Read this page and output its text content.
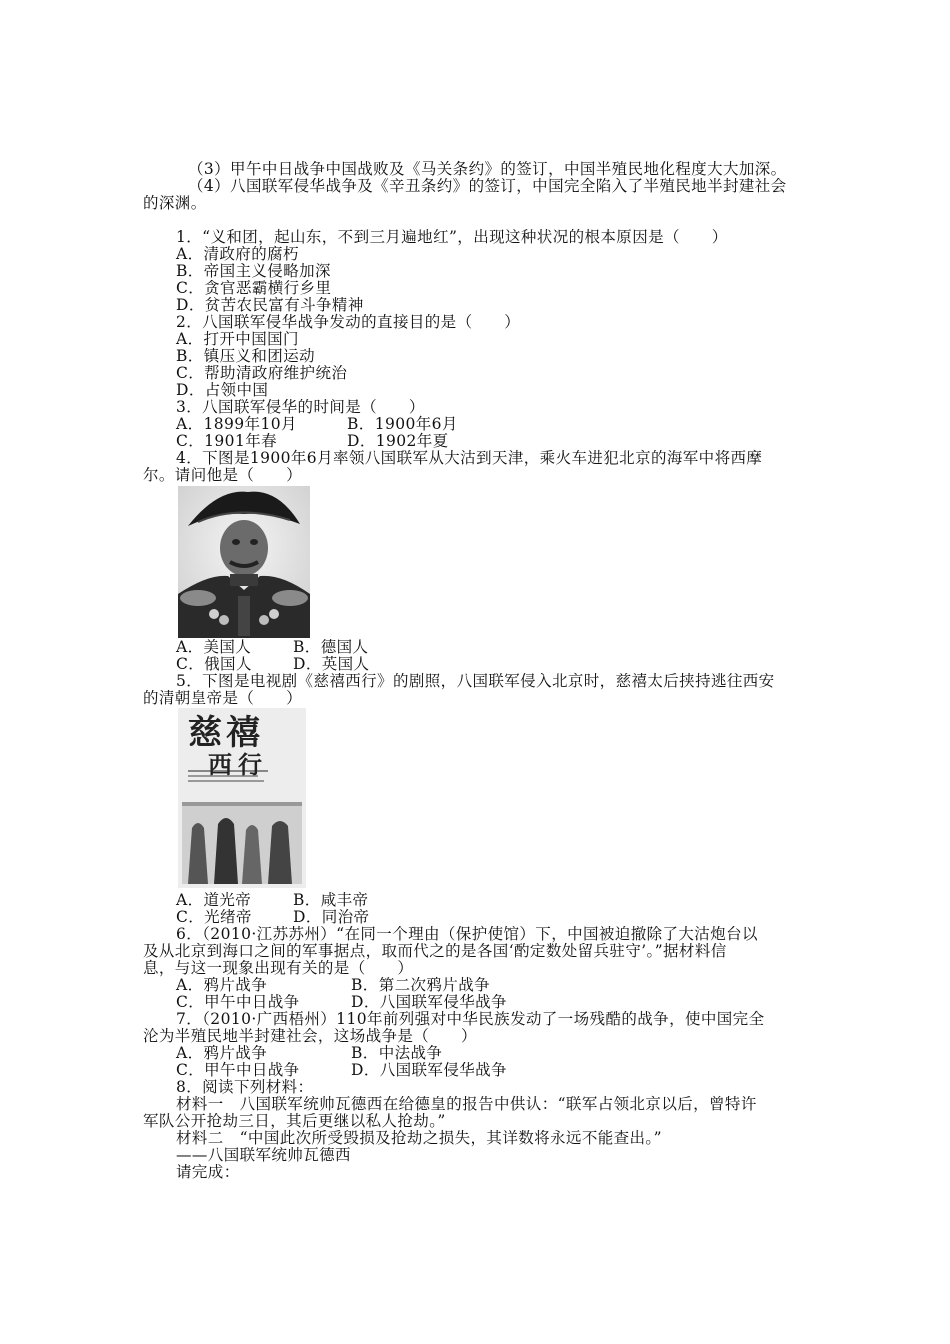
（3）甲午中日战争中国战败及《马关条约》的签订，中国半殖民地化程度大大加深。
（4）八国联军侵华战争及《辛丑条约》的签订，中国完全陷入了半殖民地半封建社会
的深渊。
1．“义和团，起山东，不到三月遍地红”，出现这种状况的根本原因是（　　）
A．清政府的腐朽
B．帝国主义侵略加深
C．贪官恶霸横行乡里
D．贫苦农民富有斗争精神
2．八国联军侵华战争发动的直接目的是（　　）
A．打开中国国门
B．镇压义和团运动
C．帮助清政府维护统治
D．占领中国
3．八国联军侵华的时间是（　　）
A．1899年10月	B．1900年6月
C．1901年春	D．1902年夏
4．下图是1900年6月率领八国联军从大沽到天津，乘火车进犯北京的海军中将西摩
尔。请问他是（　　）
A．美国人	B．德国人
C．俄国人	D．英国人
5．下图是电视剧《慈禧西行》的剧照，八国联军侵入北京时，慈禧太后挟持逃往西安
的清朝皇帝是（　　）
慈禧
西行
A．道光帝	B．咸丰帝
C．光绪帝	D．同治帝
6．（2010·江苏苏州）“在同一个理由（保护使馆）下，中国被迫撤除了大沽炮台以
及从北京到海口之间的军事据点，取而代之的是各国‘酌定数处留兵驻守’。”据材料信
息，与这一现象出现有关的是（　　）
A．鸦片战争	B．第二次鸦片战争
C．甲午中日战争	D．八国联军侵华战争
7．（2010·广西梧州）110年前列强对中华民族发动了一场残酷的战争，使中国完全
沦为半殖民地半封建社会，这场战争是（　　）
A．鸦片战争	B．中法战争
C．甲午中日战争	D．八国联军侵华战争
8．阅读下列材料：
材料一　八国联军统帅瓦德西在给德皇的报告中供认：“联军占领北京以后，曾特许
军队公开抢劫三日，其后更继以私人抢劫。”
材料二　“中国此次所受毁损及抢劫之损失，其详数将永远不能查出。”
——八国联军统帅瓦德西
请完成：
